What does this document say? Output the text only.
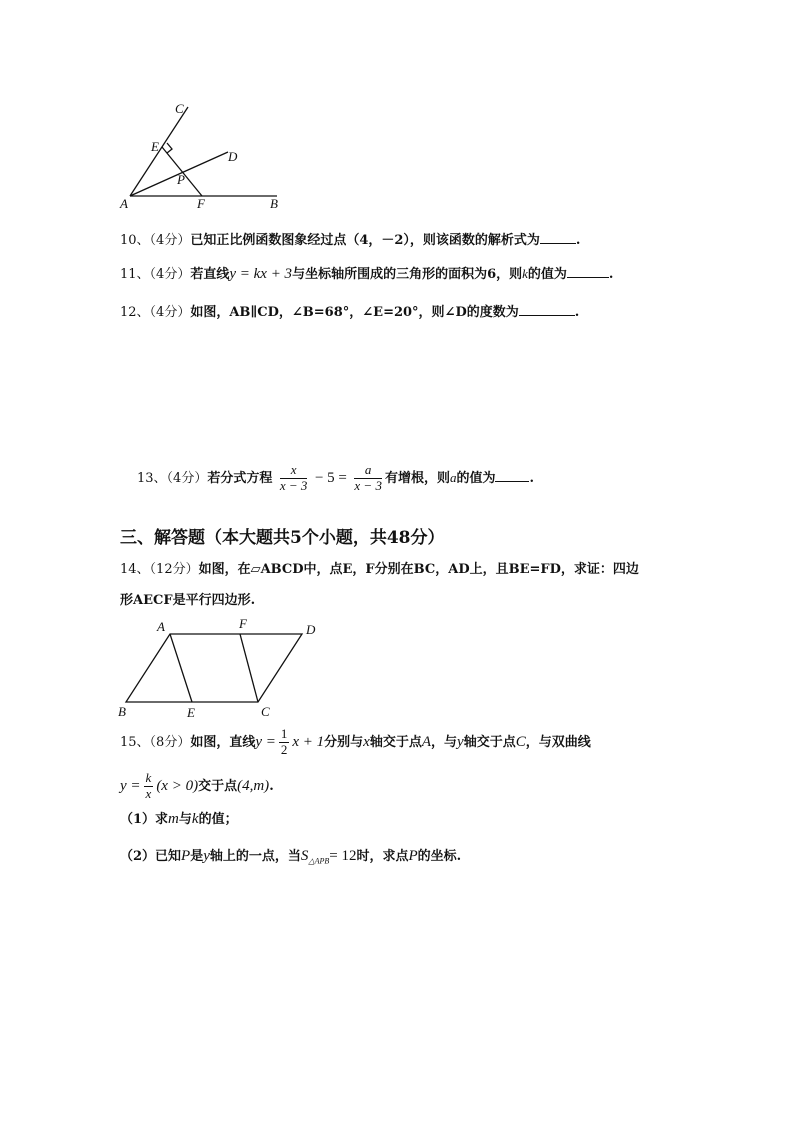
C
E
D
P
A	F	B
10、（4分）已知正比例函数图象经过点（4，－2），则该函数的解析式为	.
11、（4分）若直线y = kx + 3与坐标轴所围成的三角形的面积为6，则k的值为	.
12、（4分）如图，AB∥CD，∠B=68°，∠E=20°，则∠D的度数为	.
13、（4分）若分式方程 $\frac{x}{x - 3} - 5 = \frac{a}{x - 3}$ 有增根，则a的值为	.
三、解答题（本大题共5个小题，共48分）
14、（12分）如图，在▱ABCD中，点E，F分别在BC，AD上，且BE=FD，求证：四边
形AECF是平行四边形.
A	F	D
B	E	C
15、（8分）如图，直线$y = \frac{1}{2}$ x + 1分别与x轴交于点A，与y轴交于点C，与双曲线
$y = \frac{k}{x} (x > 0)$交于点(4,m).
（1）求m与k的值；
（2）已知P是y轴上的一点，当$S_{\triangle APB}= 12$时，求点P的坐标.
